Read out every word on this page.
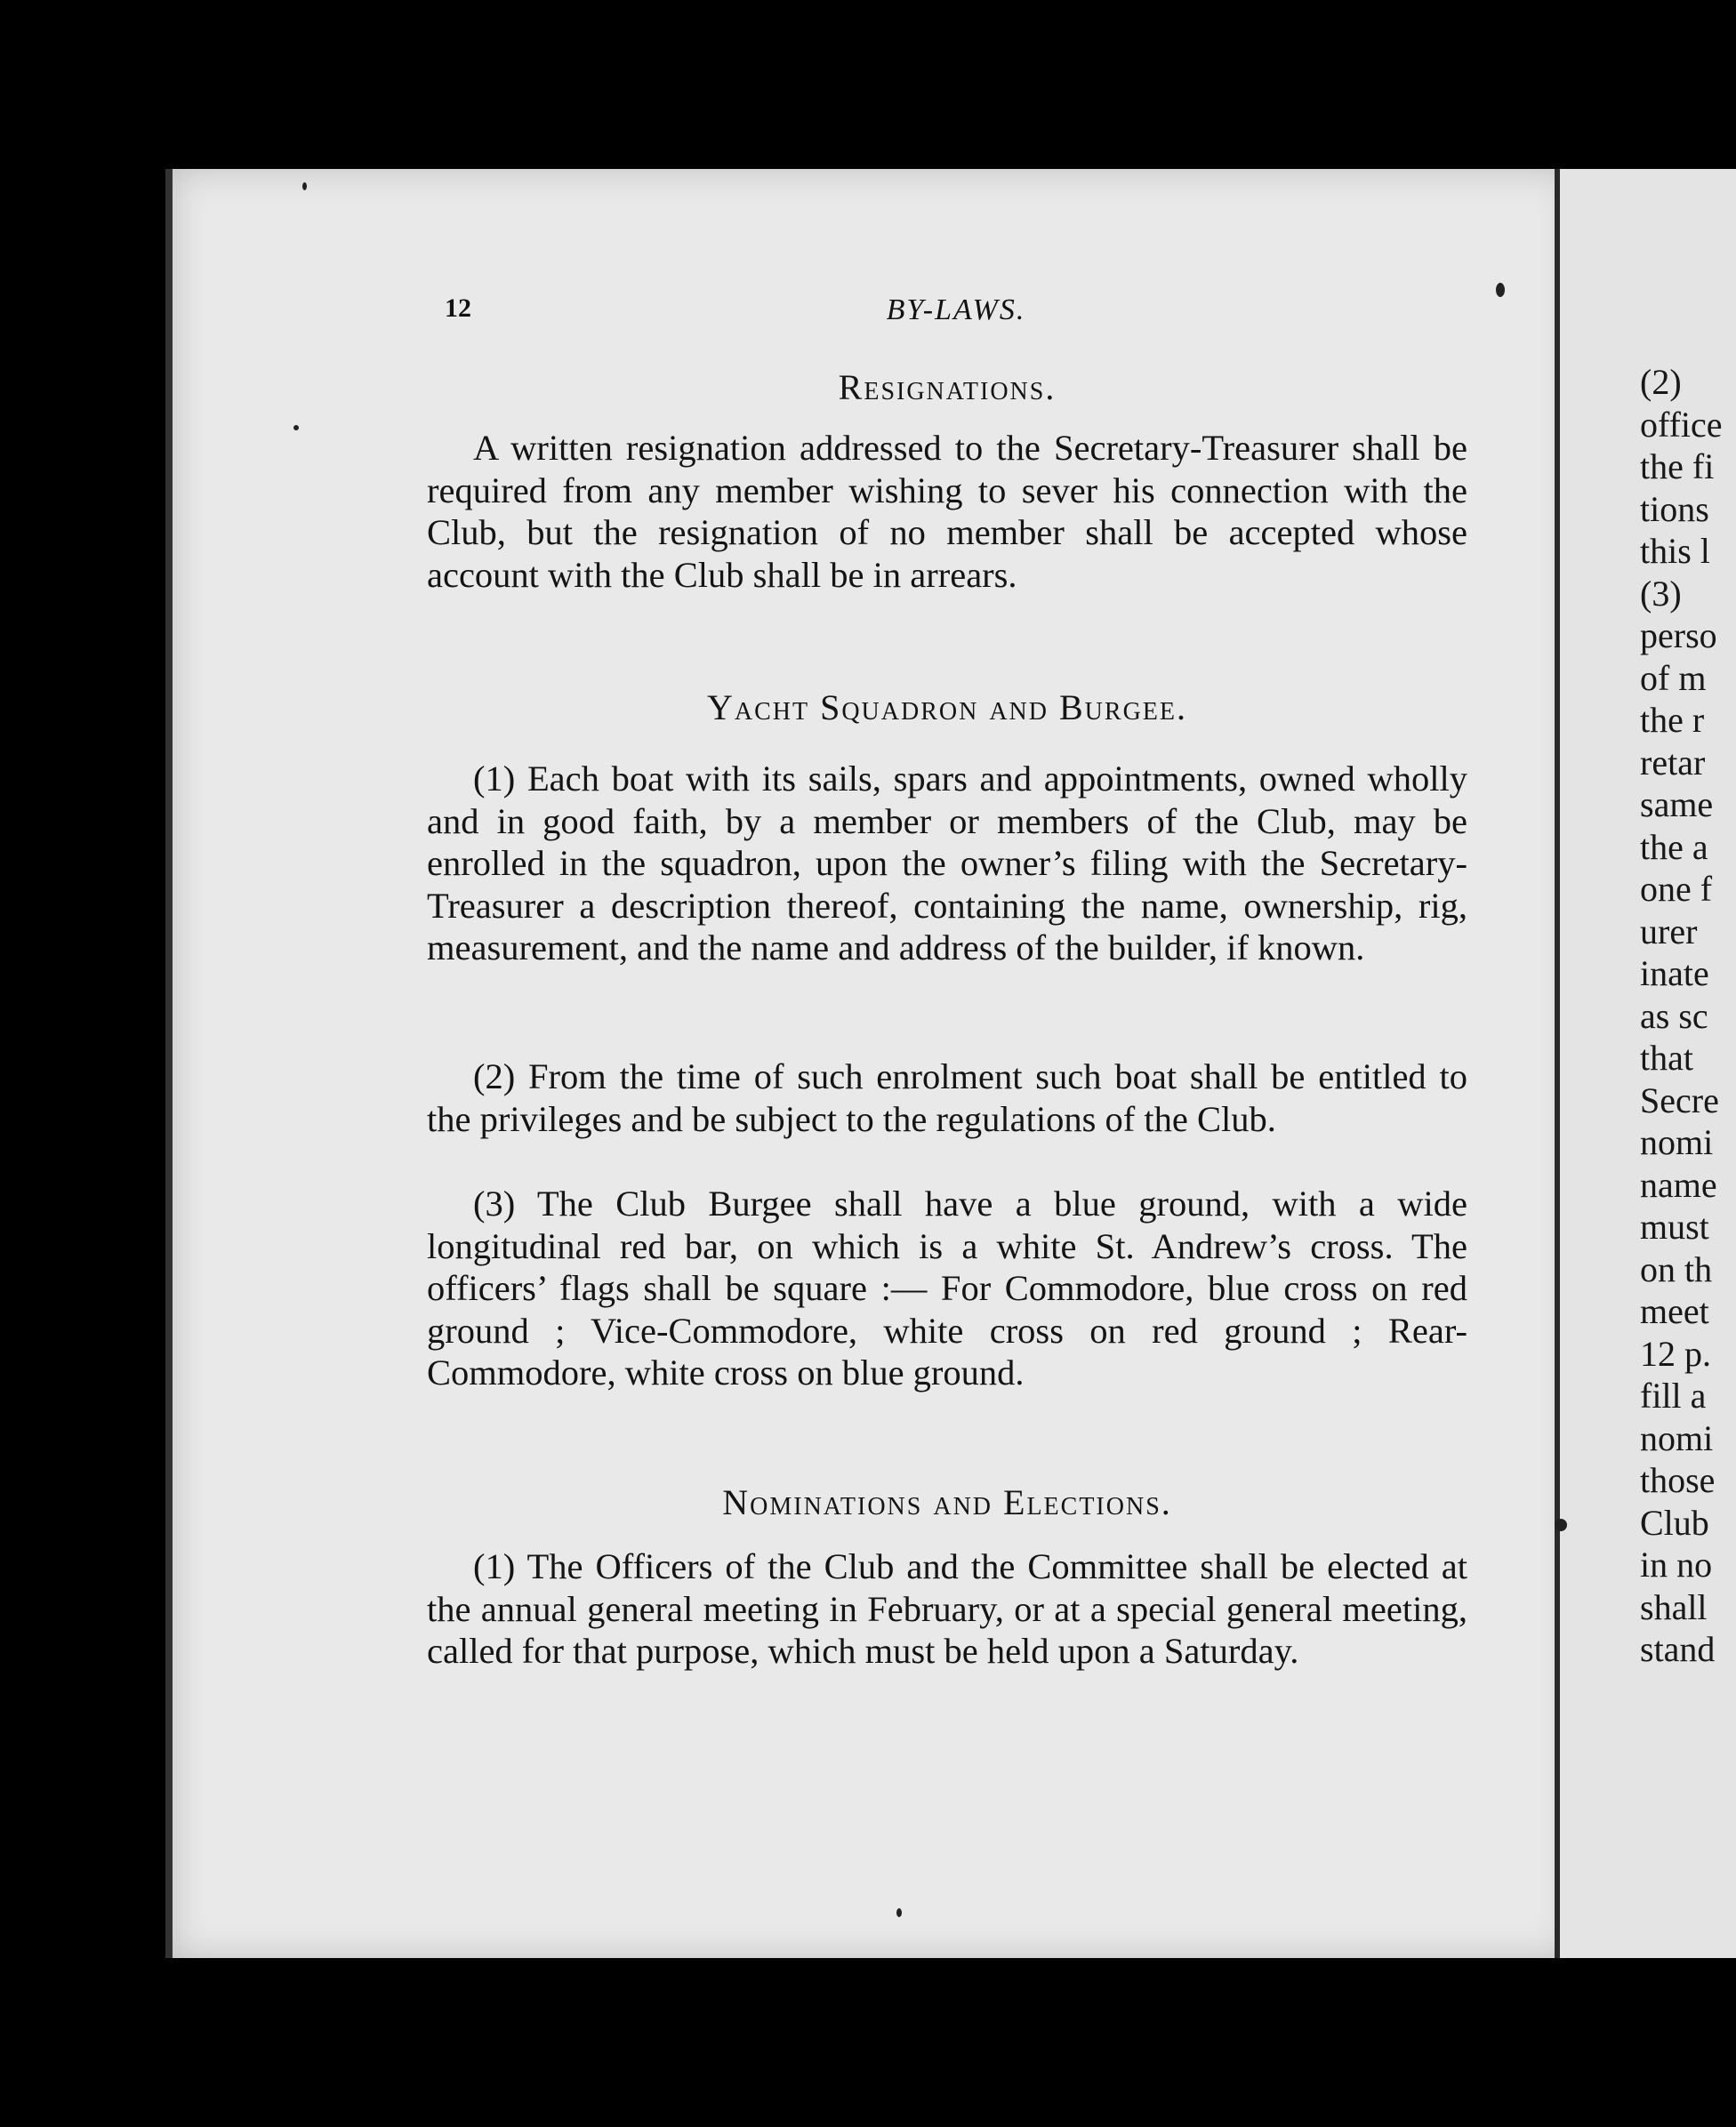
(2)
office
the fi
tions
this l
(3)
perso
of m
the r
retar
same
the a
one f
urer
inate
as sc
that
Secre
nomi
name
must
on th
meet
12 p.
fill a
nomi
those
Club
in no
shall
stand
12	BY-LAWS.
Resignations.

A written resignation addressed to the Secretary-Treasurer shall be required from any member wishing to sever his connection with the Club, but the resignation of no member shall be accepted whose account with the Club shall be in arrears.

Yacht Squadron and Burgee.

(1) Each boat with its sails, spars and appointments, owned wholly and in good faith, by a member or members of the Club, may be enrolled in the squadron, upon the owner’s filing with the Secretary-Treasurer a description thereof, containing the name, ownership, rig, measurement, and the name and address of the builder, if known.

(2) From the time of such enrolment such boat shall be entitled to the privileges and be subject to the regulations of the Club.

(3) The Club Burgee shall have a blue ground, with a wide longitudinal red bar, on which is a white St. Andrew’s cross. The officers’ flags shall be square :— For Commodore, blue cross on red ground ; Vice-Commodore, white cross on red ground ; Rear-Commodore, white cross on blue ground.

Nominations and Elections.

(1) The Officers of the Club and the Committee shall be elected at the annual general meeting in February, or at a special general meeting, called for that purpose, which must be held upon a Saturday.
